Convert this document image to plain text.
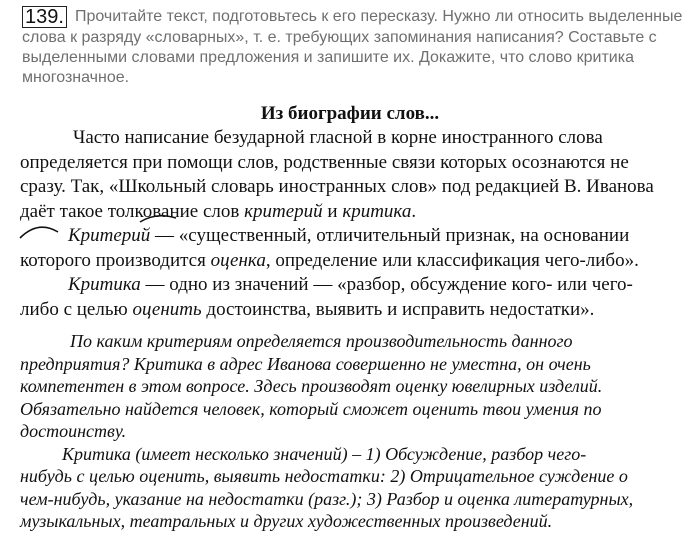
139. Прочитайте текст, подготовьтесь к его пересказу. Нужно ли относить выделенные
слова к разряду «словарных», т. е. требующих запоминания написания? Составьте с
выделенными словами предложения и запишите их. Докажите, что слово критика
многозначное.
Из биографии слов...
Часто написание безударной гласной в корне иностранного слова
определяется при помощи слов, родственные связи которых осознаются не
сразу. Так, «Школьный словарь иностранных слов» под редакцией В. Иванова
даёт такое толкование слов критерий и критика.
Критерий — «существенный, отличительный признак, на основании
которого производится оценка, определение или классификация чего-либо».
Критика — одно из значений — «разбор, обсуждение кого- или чего-
либо с целью оценить достоинства, выявить и исправить недостатки».
По каким критериям определяется производительность данного
предприятия? Критика в адрес Иванова совершенно не уместна, он очень
компетентен в этом вопросе. Здесь производят оценку ювелирных изделий.
Обязательно найдется человек, который сможет оценить твои умения по
достоинству.
Критика (имеет несколько значений) – 1) Обсуждение, разбор чего-
нибудь с целью оценить, выявить недостатки: 2) Отрицательное суждение о
чем-нибудь, указание на недостатки (разг.); 3) Разбор и оценка литературных,
музыкальных, театральных и других художественных произведений.
